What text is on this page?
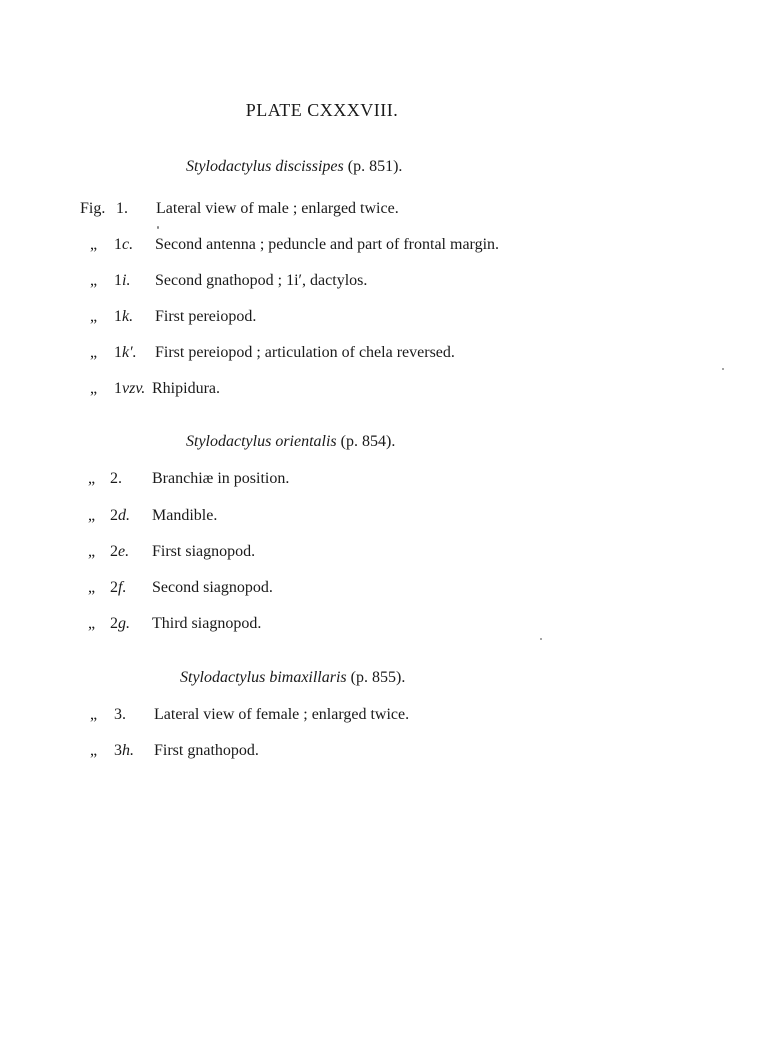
PLATE CXXXVIII.
Stylodactylus discissipes (p. 851).
Fig. 1. Lateral view of male ; enlarged twice.
„ 1c. Second antenna ; peduncle and part of frontal margin.
„ 1i. Second gnathopod ; 1i′, dactylos.
„ 1k. First pereiopod.
„ 1k′. First pereiopod ; articulation of chela reversed.
„ 1vzv. Rhipidura.
Stylodactylus orientalis (p. 854).
„ 2. Branchiæ in position.
„ 2d. Mandible.
„ 2e. First siagnopod.
„ 2f. Second siagnopod.
„ 2g. Third siagnopod.
Stylodactylus bimaxillaris (p. 855).
„ 3. Lateral view of female ; enlarged twice.
„ 3h. First gnathopod.
